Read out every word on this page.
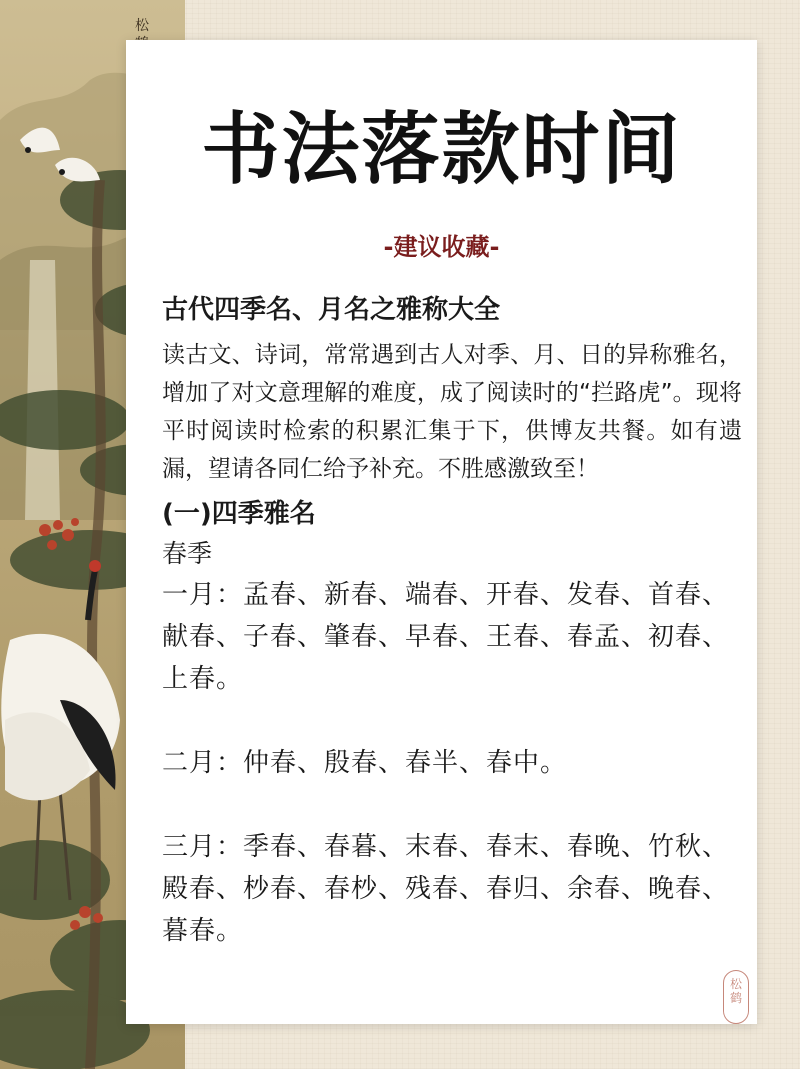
松
书法落款时间
-建议收藏-

古代四季名、月名之雅称大全

读古文、诗词，常常遇到古人对季、月、日的异称雅名，增加了对文意理解的难度，成了阅读时的“拦路虎”。现将平时阅读时检索的积累汇集于下，供博友共餐。如有遗漏，望请各同仁给予补充。不胜感激致至！

(一)四季雅名

春季

一月：孟春、新春、端春、开春、发春、首春、献春、子春、肇春、早春、王春、春孟、初春、上春。

二月：仲春、殷春、春半、春中。

三月：季春、春暮、末春、春末、春晚、竹秋、殿春、杪春、春杪、残春、春归、余春、晚春、暮春。

松
鹤
